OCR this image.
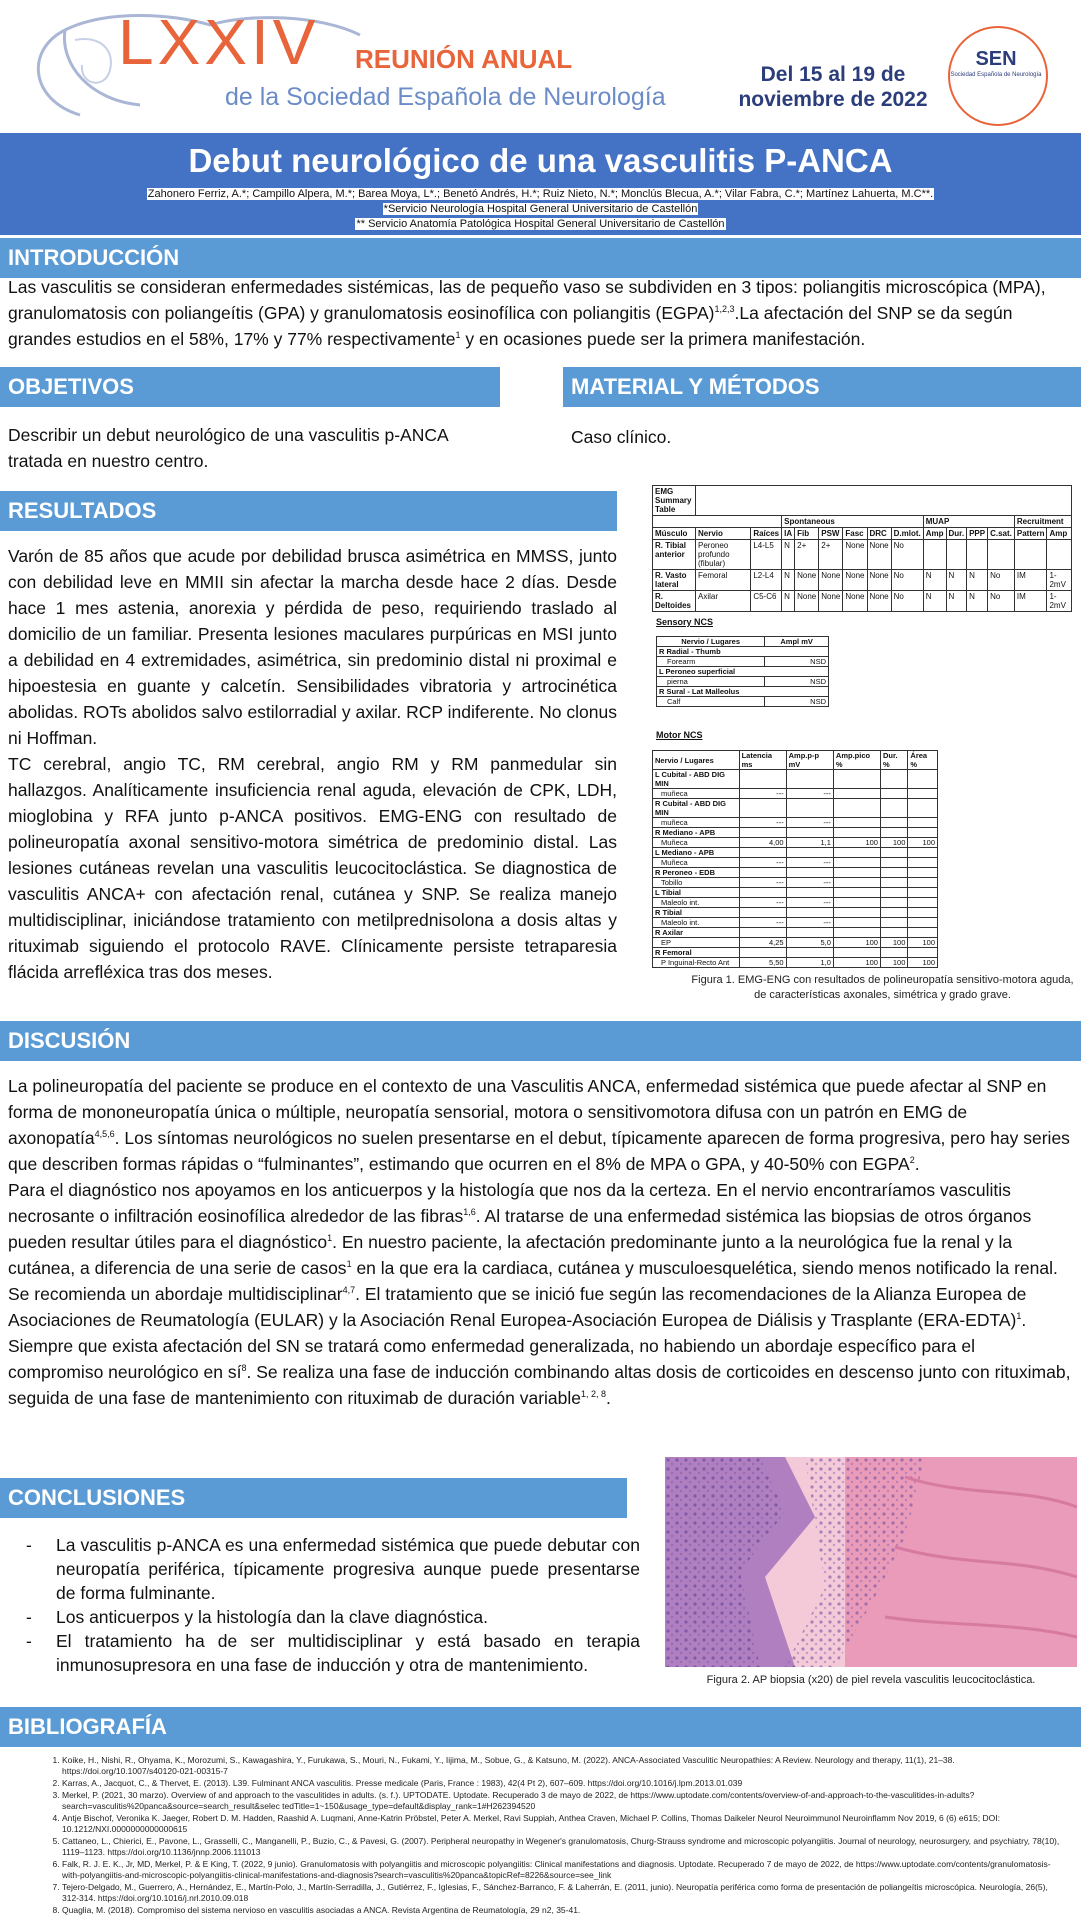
LXXIV REUNIÓN ANUAL
de la Sociedad Española de Neurología
Del 15 al 19 de
noviembre de 2022
SEN
Sociedad Española de Neurología
Debut neurológico de una vasculitis P-ANCA
Zahonero Ferriz, A.*; Campillo Alpera, M.*; Barea Moya, L*.; Benetó Andrés, H.*; Ruiz Nieto, N.*; Monclús Blecua, A.*; Vilar Fabra, C.*; Martínez Lahuerta, M.C**.
*Servicio Neurología Hospital General Universitario de Castellón
** Servicio Anatomía Patológica Hospital General Universitario de Castellón
INTRODUCCIÓN
Las vasculitis se consideran enfermedades sistémicas, las de pequeño vaso se subdividen en 3 tipos: poliangitis microscópica (MPA), granulomatosis con poliangeítis (GPA) y granulomatosis eosinofílica con poliangitis (EGPA)$^{1,2,3}$.La afectación del SNP se da según grandes estudios en el 58%, 17% y 77% respectivamente$^1$ y en ocasiones puede ser la primera manifestación.
OBJETIVOS
Describir un debut neurológico de una vasculitis p-ANCA tratada en nuestro centro.
MATERIAL Y MÉTODOS
Caso clínico.
RESULTADOS
Varón de 85 años que acude por debilidad brusca asimétrica en MMSS, junto con debilidad leve en MMII sin afectar la marcha desde hace 2 días. Desde hace 1 mes astenia, anorexia y pérdida de peso, requiriendo traslado al domicilio de un familiar. Presenta lesiones maculares purpúricas en MSI junto a debilidad en 4 extremidades, asimétrica, sin predominio distal ni proximal e hipoestesia en guante y calcetín. Sensibilidades vibratoria y artrocinética abolidas. ROTs abolidos salvo estilorradial y axilar. RCP indiferente. No clonus ni Hoffman.
TC cerebral, angio TC, RM cerebral, angio RM y RM panmedular sin hallazgos. Analíticamente insuficiencia renal aguda, elevación de CPK, LDH, mioglobina y RFA junto p-ANCA positivos. EMG-ENG con resultado de polineuropatía axonal sensitivo-motora simétrica de predominio distal. Las lesiones cutáneas revelan una vasculitis leucocitoclástica. Se diagnostica de vasculitis ANCA+ con afectación renal, cutánea y SNP. Se realiza manejo multidisciplinar, iniciándose tratamiento con metilprednisolona a dosis altas y rituximab siguiendo el protocolo RAVE. Clínicamente persiste tetraparesia flácida arrefléxica tras dos meses.
EMG Summary Table														
			Spontaneous						MUAP				Recruitment	
Músculo	Nervio	Raíces	IA	Fib	PSW	Fasc	DRC	D.mlot.	Amp	Dur.	PPP	C.sat.	Pattern	Amp
R. Tibial anterior	Peroneo profundo (fibular)	L4-L5	N	2+	2+	None	None	No						
R. Vasto lateral	Femoral	L2-L4	N	None	None	None	None	No	N	N	N	No	IM	1-2mV
R. Deltoides	Axilar	C5-C6	N	None	None	None	None	No	N	N	N	No	IM	1-2mV
Sensory NCS
Nervio / Lugares	Ampl mV
R Radial - Thumb	
Forearm	NSD
L Peroneo superficial	
pierna	NSD
R Sural - Lat Malleolus	
Calf	NSD
Motor NCS
Nervio / Lugares	Latencia ms	Amp.p-p mV	Amp.pico %	Dur. %	Área %
L Cubital - ABD DIG MIN					
muñeca	---	---			
R Cubital - ABD DIG MIN					
muñeca	---	---			
R Mediano - APB					
Muñeca	4,00	1,1	100	100	100
L Mediano - APB					
Muñeca	---	---			
R Peroneo - EDB					
Tobillo	---	---			
L Tibial					
Maleolo int.	---	---			
R Tibial					
Maleolo int.	---	---			
R Axilar					
EP	4,25	5,0	100	100	100
R Femoral					
P Inguinal-Recto Ant	5,50	1,0	100	100	100
Figura 1. EMG-ENG con resultados de polineuropatía sensitivo-motora aguda, de características axonales, simétrica y grado grave.
DISCUSIÓN
La polineuropatía del paciente se produce en el contexto de una Vasculitis ANCA, enfermedad sistémica que puede afectar al SNP en forma de mononeuropatía única o múltiple, neuropatía sensorial, motora o sensitivomotora difusa con un patrón en EMG de axonopatía$^{4,5,6}$. Los síntomas neurológicos no suelen presentarse en el debut, típicamente aparecen de forma progresiva, pero hay series que describen formas rápidas o “fulminantes”, estimando que ocurren en el 8% de MPA o GPA, y 40-50% con EGPA$^2$.
Para el diagnóstico nos apoyamos en los anticuerpos y la histología que nos da la certeza. En el nervio encontraríamos vasculitis necrosante o infiltración eosinofílica alrededor de las fibras$^{1,6}$. Al tratarse de una enfermedad sistémica las biopsias de otros órganos pueden resultar útiles para el diagnóstico$^1$. En nuestro paciente, la afectación predominante junto a la neurológica fue la renal y la cutánea, a diferencia de una serie de casos$^1$ en la que era la cardiaca, cutánea y musculoesquelética, siendo menos notificado la renal. Se recomienda un abordaje multidisciplinar$^{4,7}$. El tratamiento que se inició fue según las recomendaciones de la Alianza Europea de Asociaciones de Reumatología (EULAR) y la Asociación Renal Europea-Asociación Europea de Diálisis y Trasplante (ERA-EDTA)$^1$. Siempre que exista afectación del SN se tratará como enfermedad generalizada, no habiendo un abordaje específico para el compromiso neurológico en $sí^8$. Se realiza una fase de inducción combinando altas dosis de corticoides en descenso junto con rituximab, seguida de una fase de mantenimiento con rituximab de duración variable$^{1, 2, 8}$.
CONCLUSIONES
- La vasculitis p-ANCA es una enfermedad sistémica que puede debutar con neuropatía periférica, típicamente progresiva aunque puede presentarse de forma fulminante.
- Los anticuerpos y la histología dan la clave diagnóstica.
- El tratamiento ha de ser multidisciplinar y está basado en terapia inmunosupresora en una fase de inducción y otra de mantenimiento.
Figura 2. AP biopsia (x20) de piel revela vasculitis leucocitoclástica.
BIBLIOGRAFÍA
1. Koike, H., Nishi, R., Ohyama, K., Morozumi, S., Kawagashira, Y., Furukawa, S., Mouri, N., Fukami, Y., Iijima, M., Sobue, G., & Katsuno, M. (2022). ANCA-Associated Vasculitic Neuropathies: A Review. Neurology and therapy, 11(1), 21–38. https://doi.org/10.1007/s40120-021-00315-7
2. Karras, A., Jacquot, C., & Thervet, E. (2013). L39. Fulminant ANCA vasculitis. Presse medicale (Paris, France : 1983), 42(4 Pt 2), 607–609. https://doi.org/10.1016/j.lpm.2013.01.039
3. Merkel, P. (2021, 30 marzo). Overview of and approach to the vasculitides in adults. (s. f.). UPTODATE. Uptodate. Recuperado 3 de mayo de 2022, de https://www.uptodate.com/contents/overview-of-and-approach-to-the-vasculitides-in-adults?search=vasculitis%20panca&source=search_result&selec tedTitle=1~150&usage_type=default&display_rank=1#H262394520
4. Antje Bischof, Veronika K. Jaeger, Robert D. M. Hadden, Raashid A. Luqmani, Anne-Katrin Pröbstel, Peter A. Merkel, Ravi Suppiah, Anthea Craven, Michael P. Collins, Thomas Daikeler Neurol Neuroimmunol Neuroinflamm Nov 2019, 6 (6) e615; DOI: 10.1212/NXI.0000000000000615
5. Cattaneo, L., Chierici, E., Pavone, L., Grasselli, C., Manganelli, P., Buzio, C., & Pavesi, G. (2007). Peripheral neuropathy in Wegener's granulomatosis, Churg-Strauss syndrome and microscopic polyangiitis. Journal of neurology, neurosurgery, and psychiatry, 78(10), 1119–1123. https://doi.org/10.1136/jnnp.2006.111013
6. Falk, R. J. E. K., Jr, MD, Merkel, P. & E King, T. (2022, 9 junio). Granulomatosis with polyangiitis and microscopic polyangiitis: Clinical manifestations and diagnosis. Uptodate. Recuperado 7 de mayo de 2022, de https://www.uptodate.com/contents/granulomatosis-with-polyangiitis-and-microscopic-polyangiitis-clinical-manifestations-and-diagnosis?search=vasculitis%20panca&topicRef=8226&source=see_link
7. Tejero-Delgado, M., Guerrero, A., Hernández, E., Martín-Polo, J., Martín-Serradilla, J., Gutiérrez, F., Iglesias, F., Sánchez-Barranco, F. & Laherrán, E. (2011, junio). Neuropatía periférica como forma de presentación de poliangeítis microscópica. Neurología, 26(5), 312-314. https://doi.org/10.1016/j.nrl.2010.09.018
8. Quaglia, M. (2018). Compromiso del sistema nervioso en vasculitis asociadas a ANCA. Revista Argentina de Reumatología, 29 n2, 35-41.
